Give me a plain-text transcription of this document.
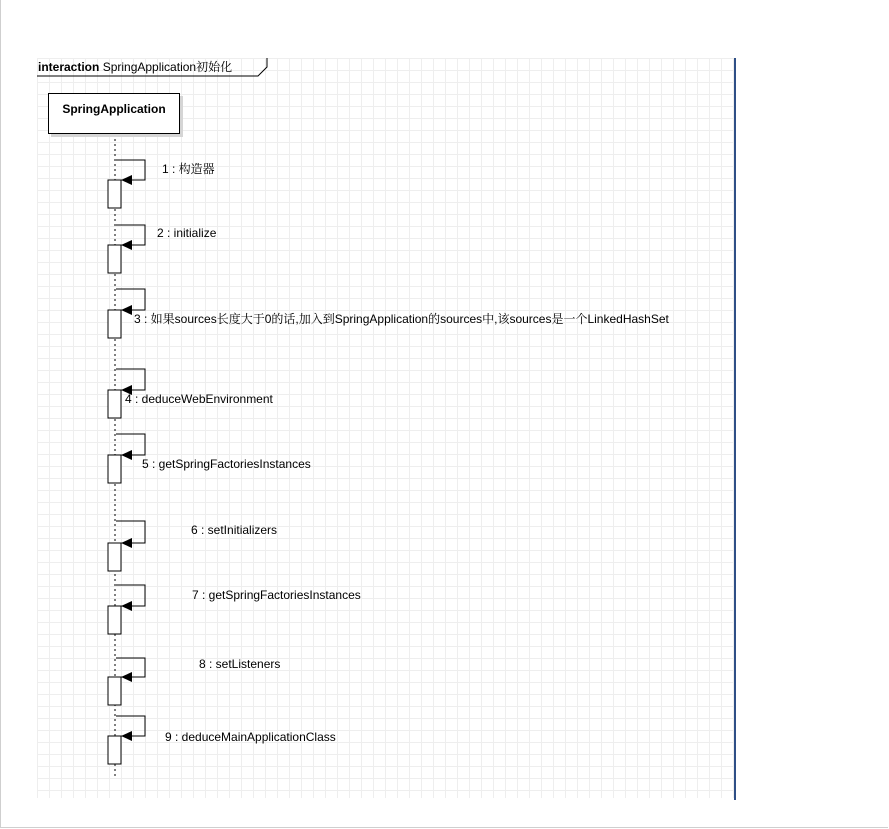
interaction SpringApplication初始化
SpringApplication
1 : 构造器
2 : initialize
3 : 如果sources长度大于0的话,加入到SpringApplication的sources中,该sources是一个LinkedHashSet
4 : deduceWebEnvironment
5 : getSpringFactoriesInstances
6 : setInitializers
7 : getSpringFactoriesInstances
8 : setListeners
9 : deduceMainApplicationClass
